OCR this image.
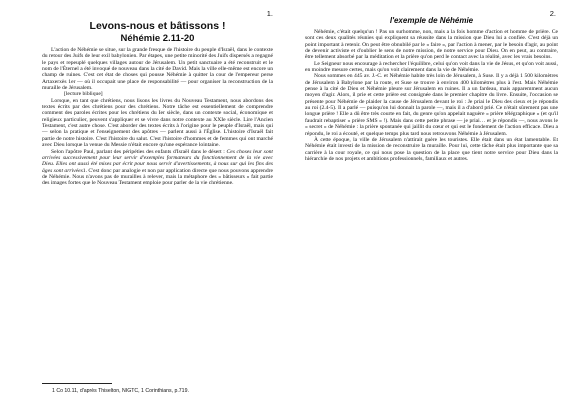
1.
Levons-nous et bâtissons !
Néhémie 2.11-20

L'action de Néhémie se situe, sur la grande fresque de l'histoire du peuple d'Israël, dans le contexte du retour des Juifs de leur exil babylonien. Par étapes, une petite minorité des Juifs dispersés a regagné le pays et repeuplé quelques villages autour de Jérusalem. Un petit sanctuaire a été reconstruit et le nom de l'Éternel a été invoqué de nouveau dans la cité de David. Mais la ville elle-même est encore un champ de ruines. C'est cet état de choses qui pousse Néhémie à quitter la cour de l'empereur perse Artaxerxès 1er — où il occupait une place de responsabilité — pour organiser la reconstruction de la muraille de Jérusalem.

[lecture biblique]

Lorsque, en tant que chrétiens, nous lisons les livres du Nouveau Testament, nous abordons des textes écrits par des chrétiens pour des chrétiens. Notre tâche est essentiellement de comprendre comment des paroles écrites pour les chrétiens du Ier siècle, dans un contexte social, économique et religieux particulier, peuvent s'appliquer et se vivre dans notre contexte au XXIe siècle. Lire l'Ancien Testament, c'est autre chose. C'est aborder des textes écrits à l'origine pour le peuple d'Israël, mais qui — selon la pratique et l'enseignement des apôtres — parlent aussi à l'Église. L'histoire d'Israël fait partie de notre histoire. C'est l'histoire du salut. C'est l'histoire d'hommes et de femmes qui ont marché avec Dieu lorsque la venue du Messie n'était encore qu'une espérance lointaine.

Selon l'apôtre Paul, parlant des péripéties des enfants d'Israël dans le désert : Ces choses leur sont arrivées successivement pour leur servir d'exemples formateurs du fonctionnement de la vie avec Dieu. Elles ont aussi été mises par écrit pour nous servir d'avertissements, à nous sur qui les fins des âges sont arrivées1. C'est donc par analogie et non par application directe que nous pouvons apprendre de Néhémie. Nous n'avons pas de murailles à relever, mais la métaphore des « bâtisseurs » fait partie des images fortes que le Nouveau Testament emploie pour parler de la vie chrétienne.

1 Co 10.11, d'après Thiselton, NIGTC, 1 Corinthians, p.719.
2.
l'exemple de Néhémie

Néhémie, c'était quelqu'un ! Pas un surhomme, non, mais a la fois homme d'action et homme de prière. Ce sont ces deux qualités réunies qui expliquent sa réussite dans la mission que Dieu lui a confiée. C'est déjà un point important à retenir. On peut être obnubilé par le « faire », par l'action à mener, par le besoin d'agir, au point de devenir activiste et d'oublier le sens de notre mission, de notre service pour Dieu. On en peut, au contraire, être tellement absorbé par la méditation et la prière qu'on perd le contact avec la réalité, avec les vrais besoins.

Le Seigneur nous encourage à rechercher l'équilibre, celui qu'on voit dans la vie de Jésus, et qu'on voit aussi, en moindre mesure certes, mais qu'on voit clairement dans la vie de Néhémie.

Nous sommes en 445 av. J.-C. et Néhémie habite très loin de Jérusalem, à Suse. Il y a déjà 1 500 kilomètres de Jérusalem à Babylone par la route, et Suse se trouve à environ 400 kilomètres plus à l'est. Mais Néhémie pense à la cité de Dieu et Néhémie pleure sur Jérusalem en ruines. Il a un fardeau, mais apparemment aucun moyen d'agir. Alors, il prie et cette prière est consignée dans le premier chapitre du livre. Ensuite, l'occasion se présente pour Néhémie de plaider la cause de Jérusalem devant le roi : Je priai le Dieu des cieux et je répondis au roi (2.4-5). Il a parlé — puisqu'on lui donnait la parole —, mais il a d'abord prié. Ce n'était sûrement pas une longue prière ! Elle a dû être très courte en fait, du genre qu'on appelait naguère « prière télégraphique » (et qu'il faudrait rebaptiser « prière SMS » !). Mais dans cette petite phrase — je priai… et je répondis —, nous avons le « secret » de Néhémie : la prière spontanée qui jaillit du cœur et qui est le fondement de l'action efficace. Dieu a répondu, le roi a écouté, et quelque temps plus tard nous retrouvons Néhémie à Jérusalem.

À cette époque, la ville de Jérusalem n'attirait guère les touristes. Elle était dans un état lamentable. Et Néhémie était investi de la mission de reconstruire la muraille. Pour lui, cette tâche était plus importante que sa carrière à la cour royale, ce qui nous pose la question de la place que tient notre service pour Dieu dans la hiérarchie de nos projets et ambitions professionnels, familiaux et autres.
